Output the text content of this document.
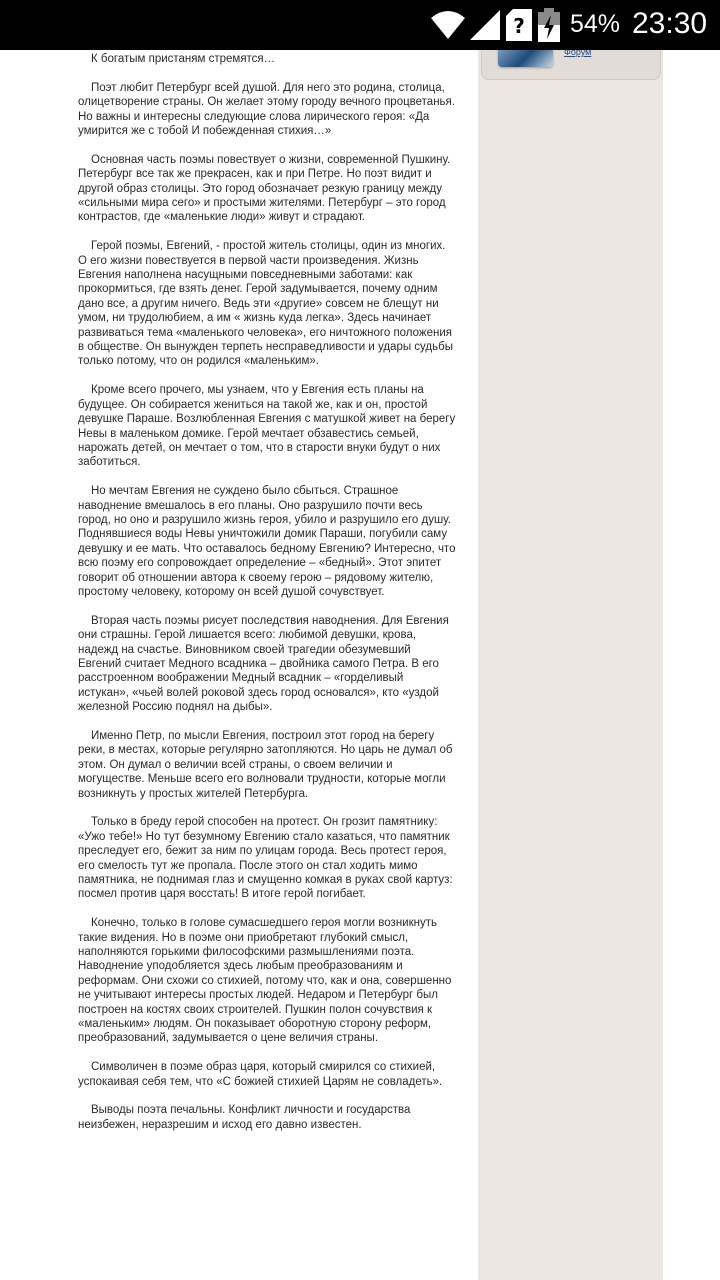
? 54% 23:30
Форум

К богатым пристаням стремятся…

Поэт любит Петербург всей душой. Для него это родина, столица, олицетворение страны. Он желает этому городу вечного процветанья. Но важны и интересны следующие слова лирического героя: «Да умирится же с тобой И побежденная стихия…»

Основная часть поэмы повествует о жизни, современной Пушкину. Петербург все так же прекрасен, как и при Петре. Но поэт видит и другой образ столицы. Это город обозначает резкую границу между «сильными мира сего» и простыми жителями. Петербург – это город контрастов, где «маленькие люди» живут и страдают.

Герой поэмы, Евгений, - простой житель столицы, один из многих. О его жизни повествуется в первой части произведения. Жизнь Евгения наполнена насущными повседневными заботами: как прокормиться, где взять денег. Герой задумывается, почему одним дано все, а другим ничего. Ведь эти «другие» совсем не блещут ни умом, ни трудолюбием, а им « жизнь куда легка». Здесь начинает развиваться тема «маленького человека», его ничтожного положения в обществе. Он вынужден терпеть несправедливости и удары судьбы только потому, что он родился «маленьким».

Кроме всего прочего, мы узнаем, что у Евгения есть планы на будущее. Он собирается жениться на такой же, как и он, простой девушке Параше. Возлюбленная Евгения с матушкой живет на берегу Невы в маленьком домике. Герой мечтает обзавестись семьей, нарожать детей, он мечтает о том, что в старости внуки будут о них заботиться.

Но мечтам Евгения не суждено было сбыться. Страшное наводнение вмешалось в его планы. Оно разрушило почти весь город, но оно и разрушило жизнь героя, убило и разрушило его душу. Поднявшиеся воды Невы уничтожили домик Параши, погубили саму девушку и ее мать. Что оставалось бедному Евгению? Интересно, что всю поэму его сопровождает определение – «бедный». Этот эпитет говорит об отношении автора к своему герою – рядовому жителю, простому человеку, которому он всей душой сочувствует.

Вторая часть поэмы рисует последствия наводнения. Для Евгения они страшны. Герой лишается всего: любимой девушки, крова, надежд на счастье. Виновником своей трагедии обезумевший Евгений считает Медного всадника – двойника самого Петра. В его расстроенном воображении Медный всадник – «горделивый истукан», «чьей волей роковой здесь город основался», кто «уздой железной Россию поднял на дыбы».

Именно Петр, по мысли Евгения, построил этот город на берегу реки, в местах, которые регулярно затопляются. Но царь не думал об этом. Он думал о величии всей страны, о своем величии и могуществе. Меньше всего его волновали трудности, которые могли возникнуть у простых жителей Петербурга.

Только в бреду герой способен на протест. Он грозит памятнику: «Ужо тебе!» Но тут безумному Евгению стало казаться, что памятник преследует его, бежит за ним по улицам города. Весь протест героя, его смелость тут же пропала. После этого он стал ходить мимо памятника, не поднимая глаз и смущенно комкая в руках свой картуз: посмел против царя восстать! В итоге герой погибает.

Конечно, только в голове сумасшедшего героя могли возникнуть такие видения. Но в поэме они приобретают глубокий смысл, наполняются горькими философскими размышлениями поэта. Наводнение уподобляется здесь любым преобразованиям и реформам. Они схожи со стихией, потому что, как и она, совершенно не учитывают интересы простых людей. Недаром и Петербург был построен на костях своих строителей. Пушкин полон сочувствия к «маленьким» людям. Он показывает оборотную сторону реформ, преобразований, задумывается о цене величия страны.

Символичен в поэме образ царя, который смирился со стихией, успокаивая себя тем, что «С божией стихией Царям не совладеть».

Выводы поэта печальны. Конфликт личности и государства неизбежен, неразрешим и исход его давно известен.
